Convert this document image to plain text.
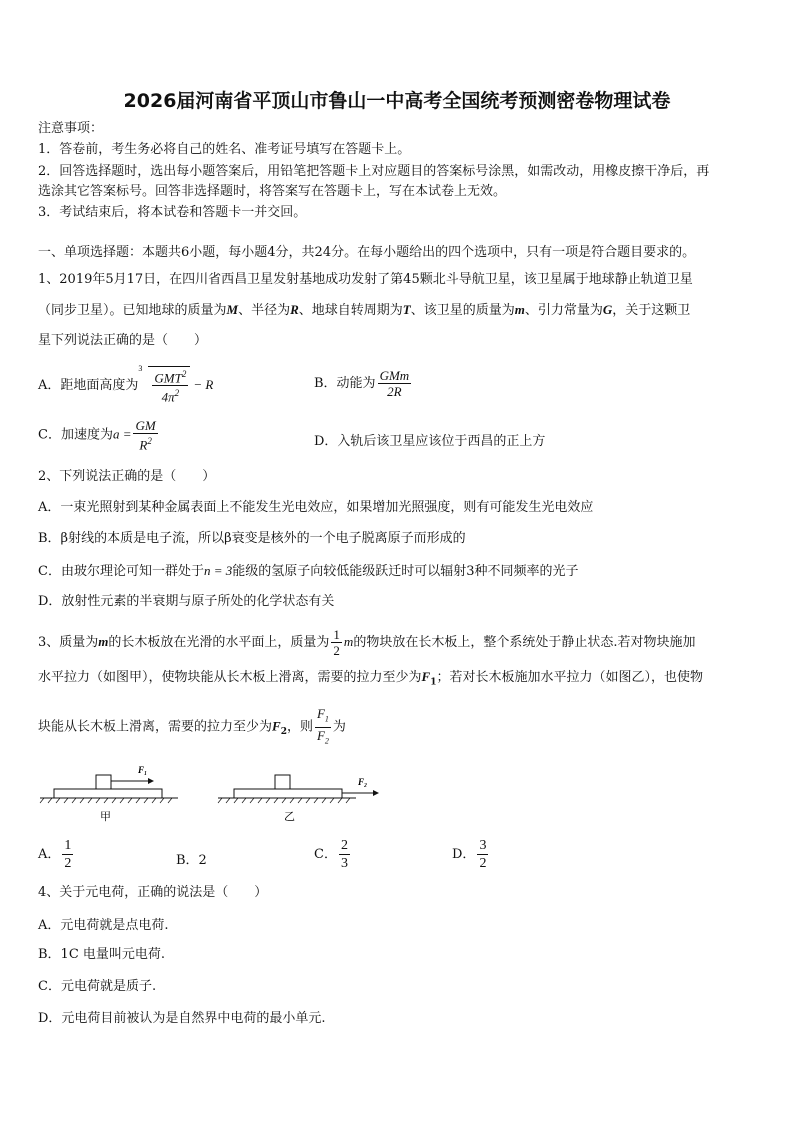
2026届河南省平顶山市鲁山一中高考全国统考预测密卷物理试卷
注意事项：
1．答卷前，考生务必将自己的姓名、准考证号填写在答题卡上。
2．回答选择题时，选出每小题答案后，用铅笔把答题卡上对应题目的答案标号涂黑，如需改动，用橡皮擦干净后，再
选涂其它答案标号。回答非选择题时，将答案写在答题卡上，写在本试卷上无效。
3．考试结束后，将本试卷和答题卡一并交回。
一、单项选择题：本题共6小题，每小题4分，共24分。在每小题给出的四个选项中，只有一项是符合题目要求的。
1、2019年5月17日，在四川省西昌卫星发射基地成功发射了第45颗北斗导航卫星，该卫星属于地球静止轨道卫星
（同步卫星）。已知地球的质量为M、半径为R、地球自转周期为T、该卫星的质量为m、引力常量为G，关于这颗卫
星下列说法正确的是（　　）
A．距地面高度为
$3 \frac{GMT^2}{4\pi^2} - R$	B．动能为 $\frac{\text{GMm}}{2R}$
C．加速度为$a = \frac{GM}{R^2}$	D．入轨后该卫星应该位于西昌的正上方
2、下列说法正确的是（　　）
A．一束光照射到某种金属表面上不能发生光电效应，如果增加光照强度，则有可能发生光电效应
B．β射线的本质是电子流，所以β衰变是核外的一个电子脱离原子而形成的
C．由玻尔理论可知一群处于n = 3能级的氢原子向较低能级跃迁时可以辐射3种不同频率的光子
D．放射性元素的半衰期与原子所处的化学状态有关
3、质量为m的长木板放在光滑的水平面上，质量为 $\frac{1}{2}$ m的物块放在长木板上，整个系统处于静止状态.若对物块施加
水平拉力（如图甲），使物块能从长木板上滑离，需要的拉力至少为$F_1$；若对长木板施加水平拉力（如图乙），也使物
块能从长木板上滑离，需要的拉力至少为$F_2$，则 $\frac{F_1}{F_2}$ 为
F₁
甲
F₂
乙
A． $\frac{1}{2}$	B．2	C． $\frac{2}{3}$	D． $\frac{3}{2}$
4、关于元电荷，正确的说法是（　　）
A．元电荷就是点电荷.
B．1C 电量叫元电荷.
C．元电荷就是质子.
D．元电荷目前被认为是自然界中电荷的最小单元.
